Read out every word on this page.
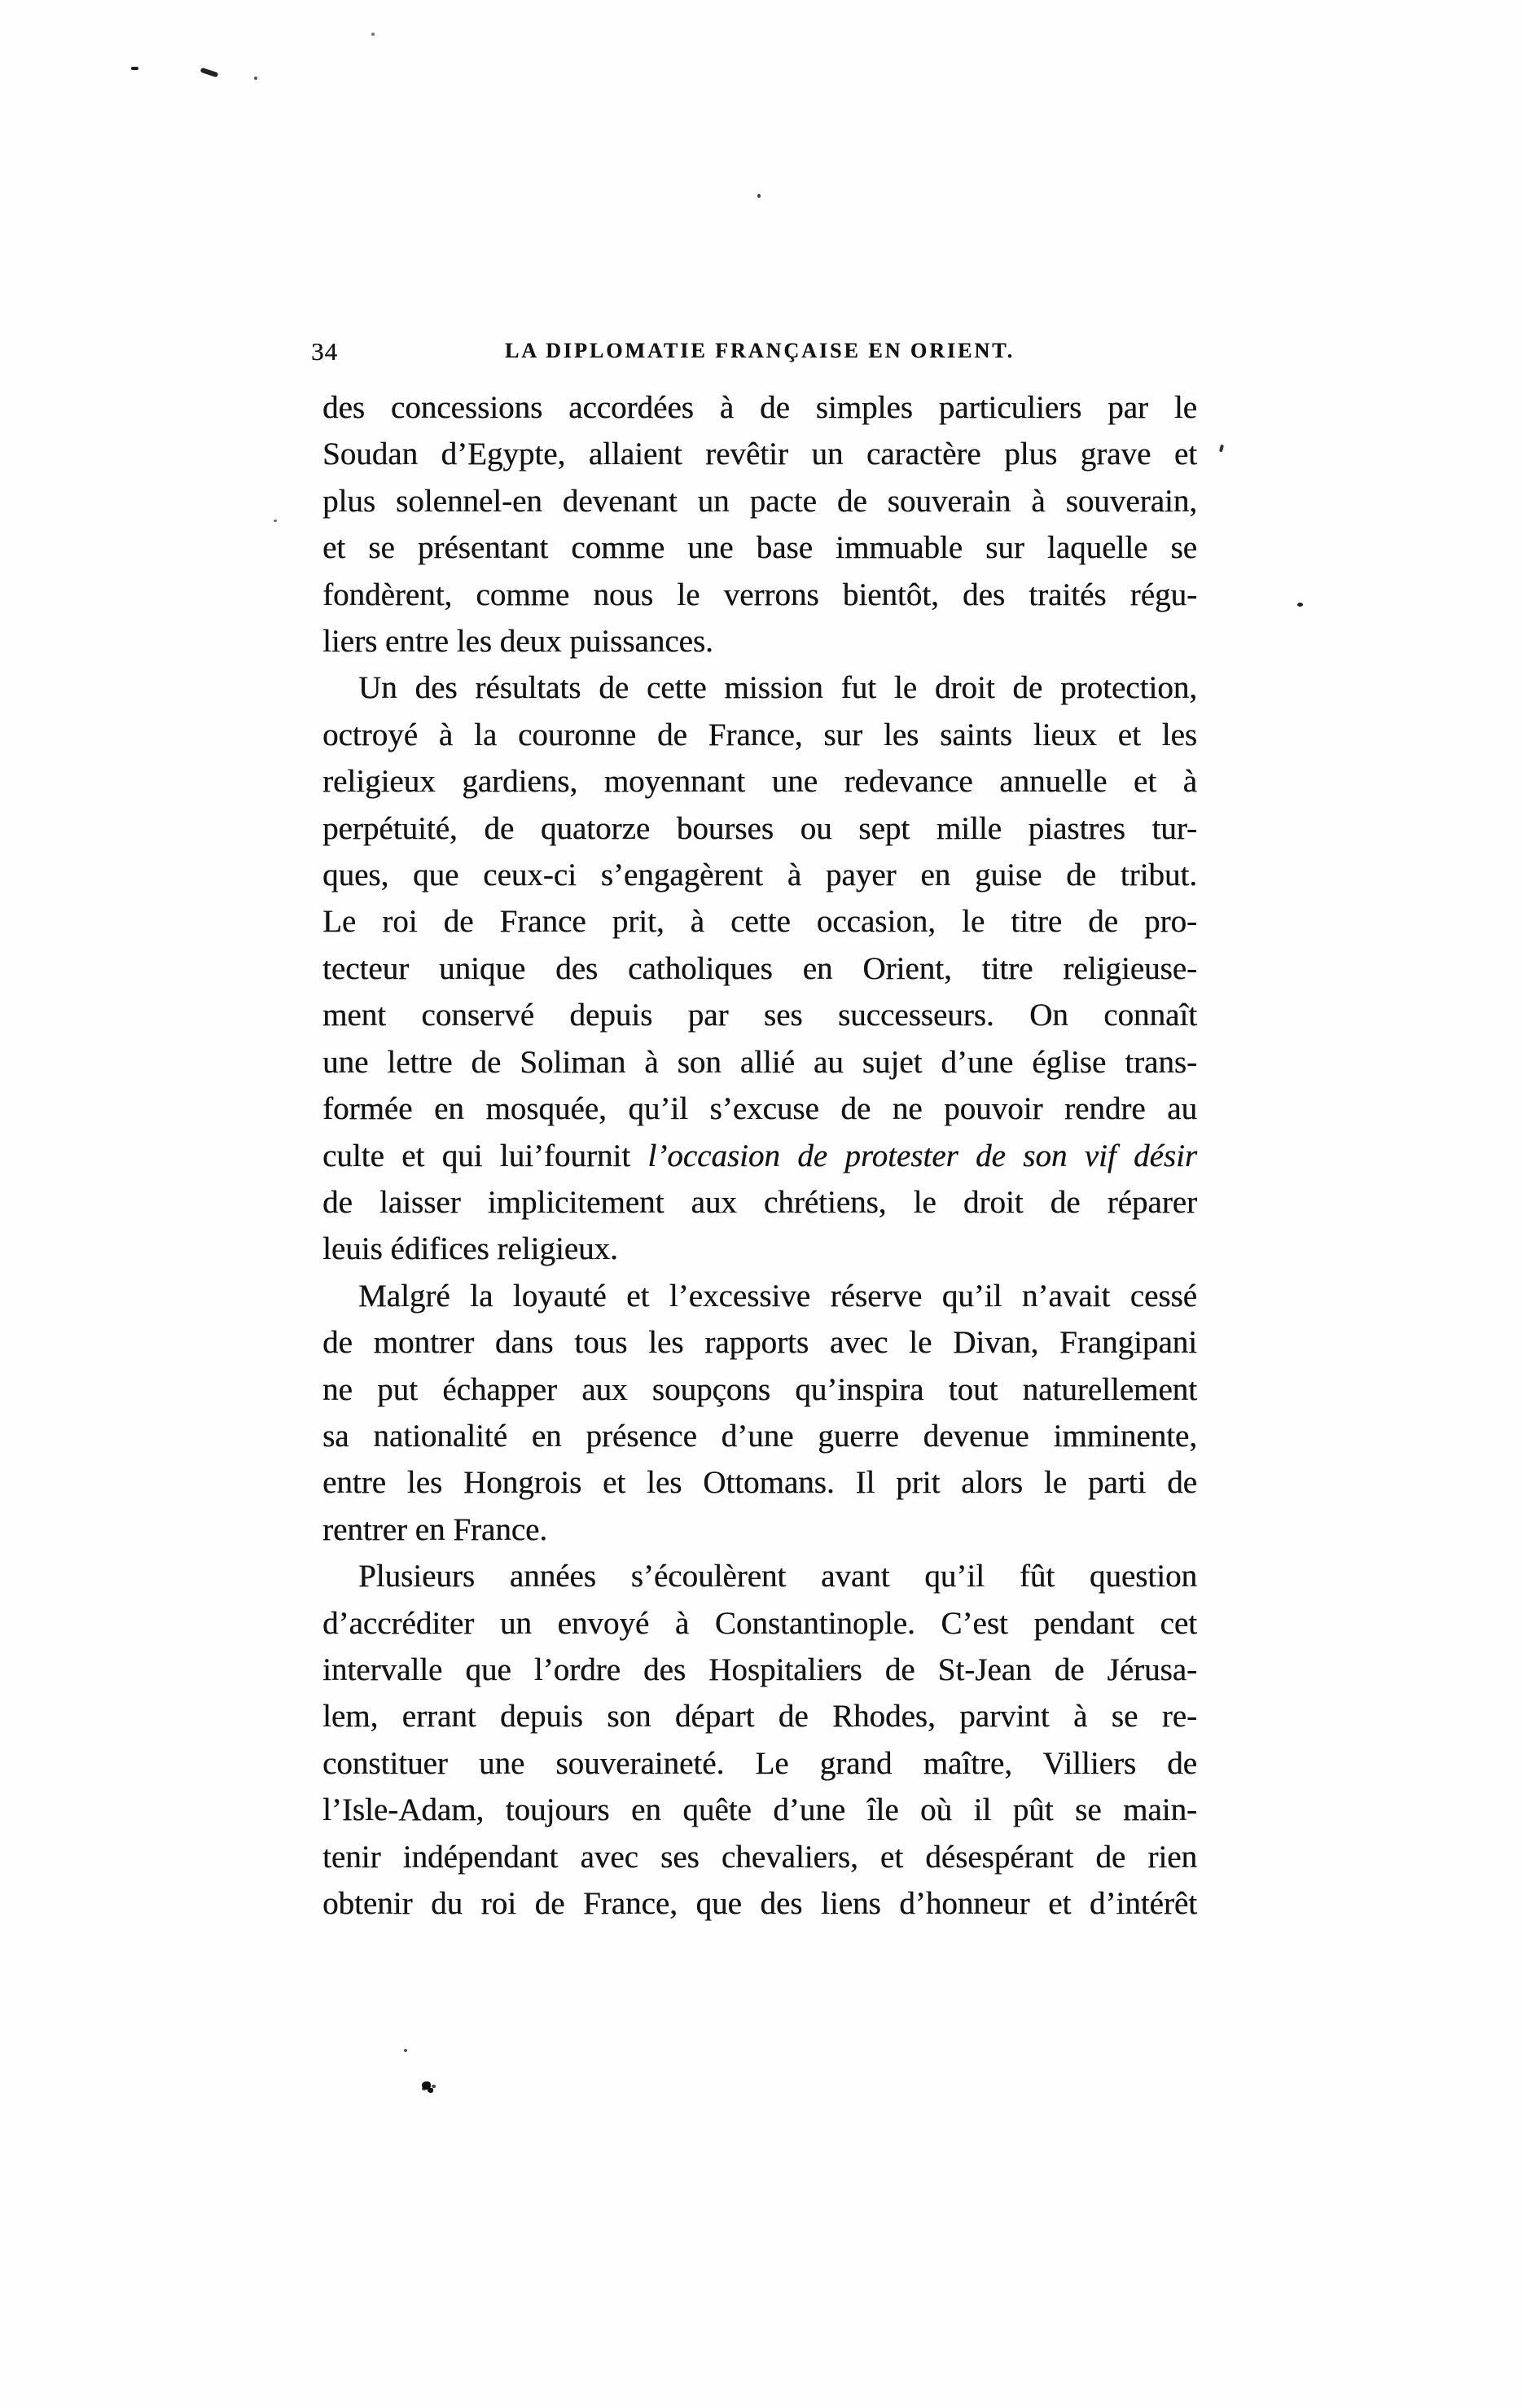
34	LA DIPLOMATIE FRANÇAISE EN ORIENT.
des concessions accordées à de simples particuliers par le
Soudan d’Egypte, allaient revêtir un caractère plus grave et
plus solennel-en devenant un pacte de souverain à souverain,
et se présentant comme une base immuable sur laquelle se
fondèrent, comme nous le verrons bientôt, des traités régu-
liers entre les deux puissances.
Un des résultats de cette mission fut le droit de protection,
octroyé à la couronne de France, sur les saints lieux et les
religieux gardiens, moyennant une redevance annuelle et à
perpétuité, de quatorze bourses ou sept mille piastres tur-
ques, que ceux-ci s’engagèrent à payer en guise de tribut.
Le roi de France prit, à cette occasion, le titre de pro-
tecteur unique des catholiques en Orient, titre religieuse-
ment conservé depuis par ses successeurs. On connaît
une lettre de Soliman à son allié au sujet d’une église trans-
formée en mosquée, qu’il s’excuse de ne pouvoir rendre au
culte et qui lui’fournit l’occasion de protester de son vif désir
de laisser implicitement aux chrétiens, le droit de réparer
leuis édifices religieux.
Malgré la loyauté et l’excessive réserve qu’il n’avait cessé
de montrer dans tous les rapports avec le Divan, Frangipani
ne put échapper aux soupçons qu’inspira tout naturellement
sa nationalité en présence d’une guerre devenue imminente,
entre les Hongrois et les Ottomans. Il prit alors le parti de
rentrer en France.
Plusieurs années s’écoulèrent avant qu’il fût question
d’accréditer un envoyé à Constantinople. C’est pendant cet
intervalle que l’ordre des Hospitaliers de St-Jean de Jérusa-
lem, errant depuis son départ de Rhodes, parvint à se re-
constituer une souveraineté. Le grand maître, Villiers de
l’Isle-Adam, toujours en quête d’une île où il pût se main-
tenir indépendant avec ses chevaliers, et désespérant de rien
obtenir du roi de France, que des liens d’honneur et d’intérêt
